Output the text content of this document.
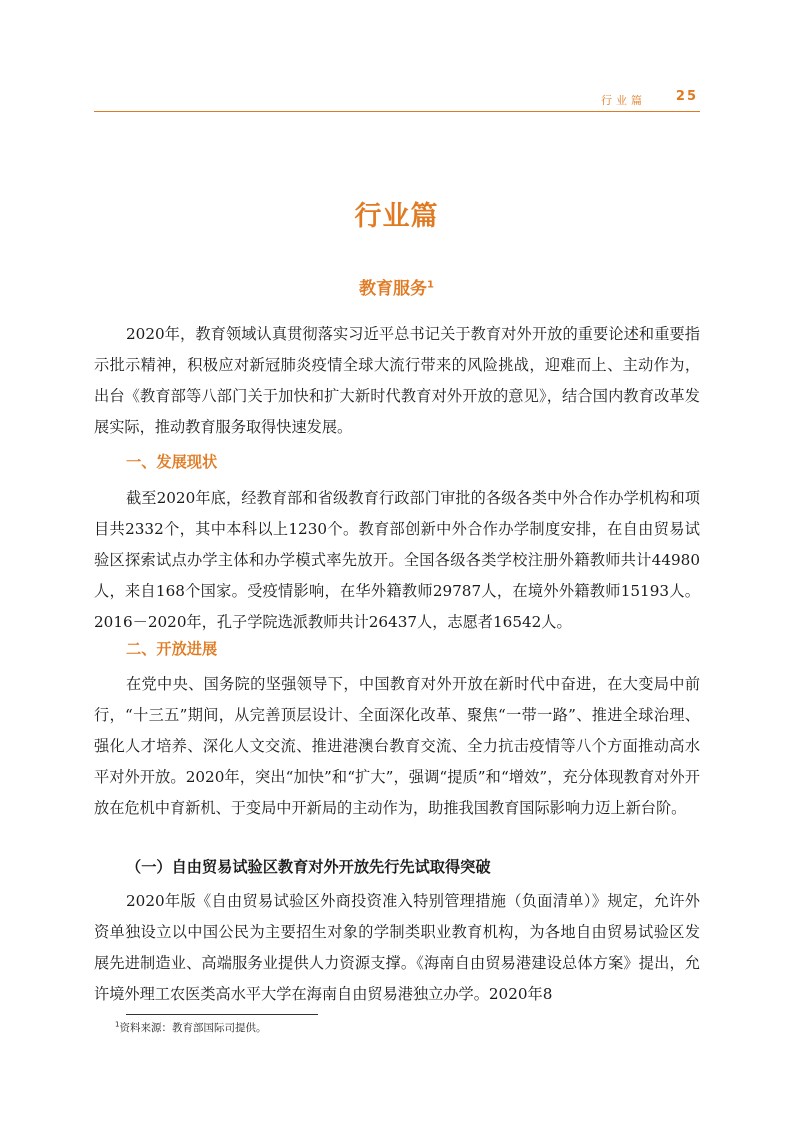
行业篇 25
行业篇
教育服务$^1$
2020年，教育领域认真贯彻落实习近平总书记关于教育对外开放的重要论述和重要指示批示精神，积极应对新冠肺炎疫情全球大流行带来的风险挑战，迎难而上、主动作为，出台《教育部等八部门关于加快和扩大新时代教育对外开放的意见》，结合国内教育改革发展实际，推动教育服务取得快速发展。
一、发展现状
截至2020年底，经教育部和省级教育行政部门审批的各级各类中外合作办学机构和项目共2332个，其中本科以上1230个。教育部创新中外合作办学制度安排，在自由贸易试验区探索试点办学主体和办学模式率先放开。全国各级各类学校注册外籍教师共计44980人，来自168个国家。受疫情影响，在华外籍教师29787人，在境外外籍教师15193人。2016－2020年，孔子学院选派教师共计26437人，志愿者16542人。
二、开放进展
在党中央、国务院的坚强领导下，中国教育对外开放在新时代中奋进，在大变局中前行，“十三五”期间，从完善顶层设计、全面深化改革、聚焦“一带一路”、推进全球治理、强化人才培养、深化人文交流、推进港澳台教育交流、全力抗击疫情等八个方面推动高水平对外开放。2020年，突出“加快”和“扩大”，强调“提质”和“增效”，充分体现教育对外开放在危机中育新机、于变局中开新局的主动作为，助推我国教育国际影响力迈上新台阶。
（一）自由贸易试验区教育对外开放先行先试取得突破
2020年版《自由贸易试验区外商投资准入特别管理措施（负面清单）》规定，允许外资单独设立以中国公民为主要招生对象的学制类职业教育机构，为各地自由贸易试验区发展先进制造业、高端服务业提供人力资源支撑。《海南自由贸易港建设总体方案》提出，允许境外理工农医类高水平大学在海南自由贸易港独立办学。2020年8
$^1$资料来源：教育部国际司提供。
